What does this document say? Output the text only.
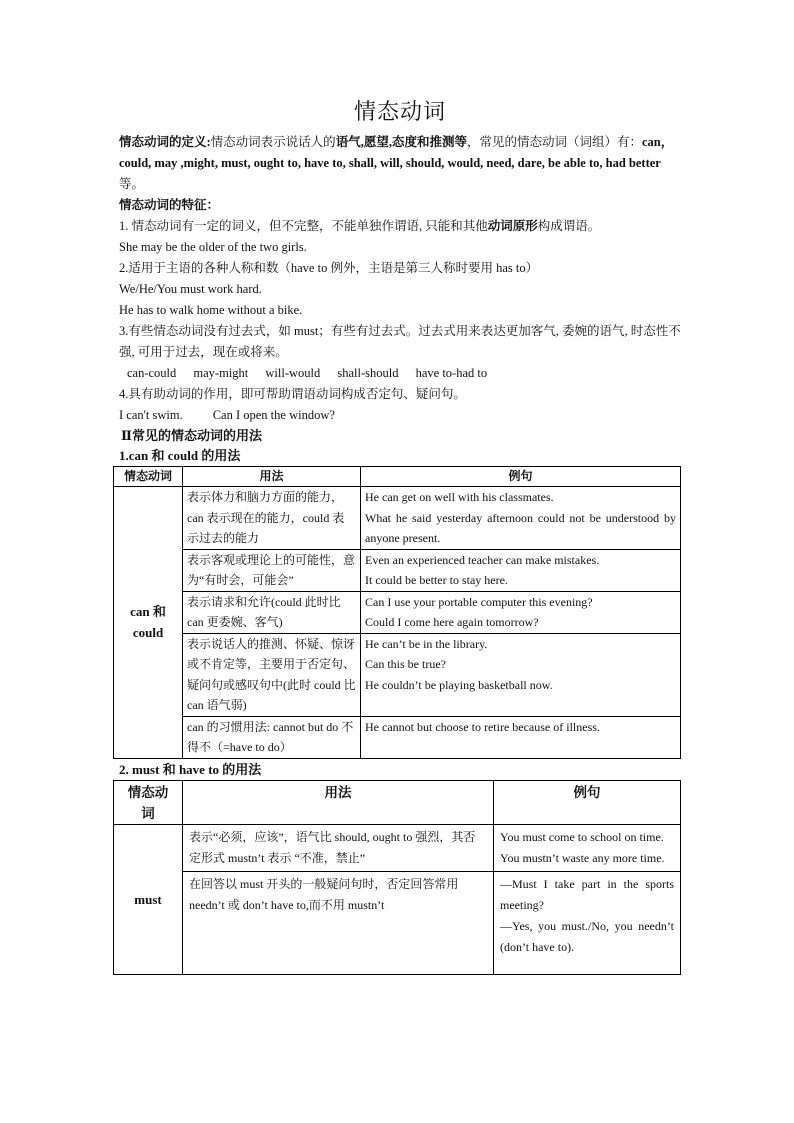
情态动词

情态动词的定义:情态动词表示说话人的语气,愿望,态度和推测等，常见的情态动词（词组）有：can，could, may ,might, must, ought to, have to, shall, will, should, would, need, dare, be able to, had better等。

情态动词的特征：

1. 情态动词有一定的词义，但不完整，不能单独作谓语, 只能和其他动词原形构成谓语。

She may be the older of the two girls.

2.适用于主语的各种人称和数（have to 例外，主语是第三人称时要用 has to）

We/He/You must work hard.

He has to walk home without a bike.

3.有些情态动词没有过去式，如 must；有些有过去式。过去式用来表达更加客气, 委婉的语气, 时态性不强, 可用于过去，现在或将来。

can-could may-might will-would shall-should have to-had to

4.具有助动词的作用，即可帮助谓语动词构成否定句、疑问句。

I can't swim. Can I open the window?

Ⅱ常见的情态动词的用法

1.can 和 could 的用法

情态动词	用法	例句

can 和 could	表示体力和脑力方面的能力，can 表示现在的能力，could 表示过去的能力	He can get on well with his classmates.
What he said yesterday afternoon could not be understood by anyone present.

	表示客观或理论上的可能性，意为“有时会，可能会”	Even an experienced teacher can make mistakes.
It could be better to stay here.

	表示请求和允许(could 此时比 can 更委婉、客气)	Can I use your portable computer this evening?
Could I come here again tomorrow?

	表示说话人的推测、怀疑、惊讶或不肯定等，主要用于否定句、疑问句或感叹句中(此时 could 比 can 语气弱)	He can’t be in the library.
Can this be true?
He couldn’t be playing basketball now.

	can 的习惯用法: cannot but do 不得不（=have to do）	He cannot but choose to retire because of illness.

2. must 和 have to 的用法

情态动词	用法	例句
must	表示“必须，应该”，语气比 should, ought to 强烈，其否定形式 mustn’t 表示 “不准，禁止”	You must come to school on time.
You mustn’t waste any more time.

	在回答以 must 开头的一般疑问句时，否定回答常用 needn’t 或 don’t have to,而不用 mustn’t	—Must I take part in the sports meeting?
—Yes, you must./No, you needn’t (don’t have to).
